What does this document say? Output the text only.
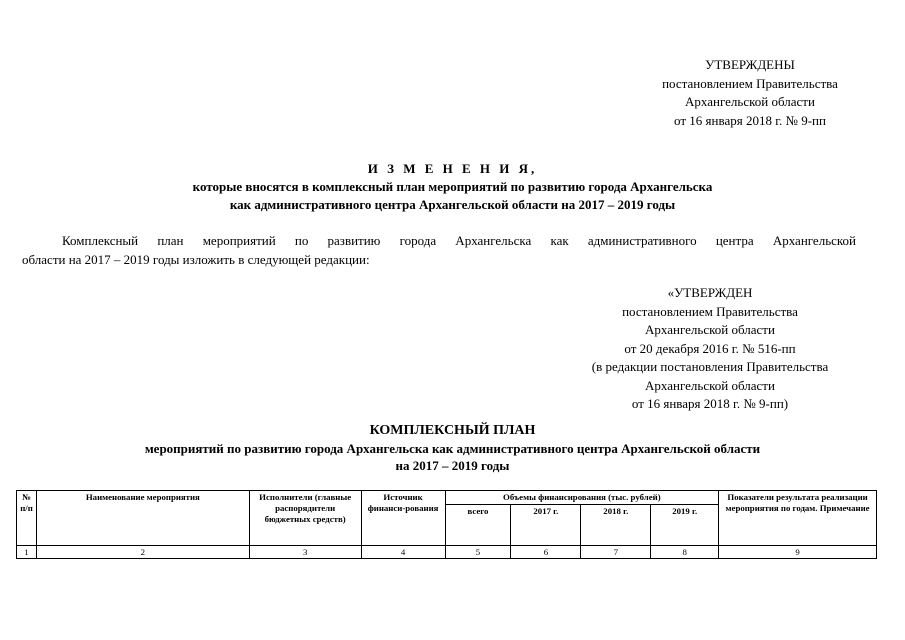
УТВЕРЖДЕНЫ
постановлением Правительства
Архангельской области
от 16 января 2018 г. № 9-пп
И З М Е Н Е Н И Я,
которые вносятся в комплексный план мероприятий по развитию города Архангельска
как административного центра Архангельской области на 2017 – 2019 годы
Комплексный план мероприятий по развитию города Архангельска как административного центра Архангельской
области на 2017 – 2019 годы изложить в следующей редакции:
«УТВЕРЖДЕН
постановлением Правительства
Архангельской области
от 20 декабря 2016 г. № 516-пп
(в редакции постановления Правительства
Архангельской области
от 16 января 2018 г. № 9-пп)
КОМПЛЕКСНЫЙ ПЛАН
мероприятий по развитию города Архангельска как административного центра Архангельской области
на 2017 – 2019 годы
№ п/п	Наименование мероприятия	Исполнители (главные распорядители бюджетных средств)	Источник финанси-рования	Объемы финансирования (тыс. рублей)				Показатели результата реализации мероприятия по годам. Примечание
				всего	2017 г.	2018 г.	2019 г.	
1	2	3	4	5	6	7	8	9
